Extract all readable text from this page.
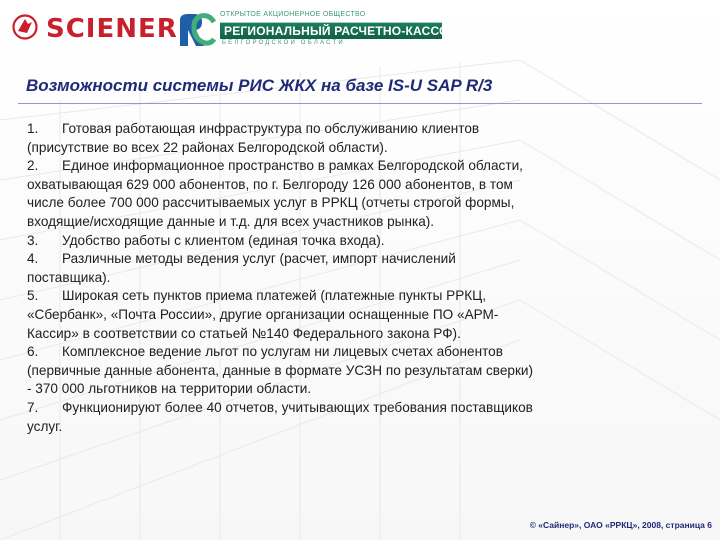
SCIENER	ОТКРЫТОЕ АКЦИОНЕРНОЕ ОБЩЕСТВО
РЕГИОНАЛЬНЫЙ РАСЧЕТНО-КАССОВЫЙ ЦЕНТР
БЕЛГОРОДСКОЙ ОБЛАСТИ
Возможности системы РИС ЖКХ на базе IS-U SAP R/3
1. Готовая работающая инфраструктура по обслуживанию клиентов
(присутствие во всех 22 районах Белгородской области).
2. Единое информационное пространство в рамках Белгородской области,
охватывающая 629 000 абонентов, по г. Белгороду 126 000 абонентов, в том
числе более 700 000 рассчитываемых услуг в РРКЦ (отчеты строгой формы,
входящие/исходящие данные и т.д. для всех участников рынка).
3. Удобство работы с клиентом (единая точка входа).
4. Различные методы ведения услуг (расчет, импорт начислений
поставщика).
5. Широкая сеть пунктов приема платежей (платежные пункты РРКЦ,
«Сбербанк», «Почта России», другие организации оснащенные ПО «АРМ-
Кассир» в соответствии со статьей №140 Федерального закона РФ).
6. Комплексное ведение льгот по услугам ни лицевых счетах абонентов
(первичные данные абонента, данные в формате УСЗН по результатам сверки)
- 370 000 льготников на территории области.
7. Функционируют более 40 отчетов, учитывающих требования поставщиков
услуг.
© «Сайнер», ОАО «РРКЦ», 2008, страница 6
